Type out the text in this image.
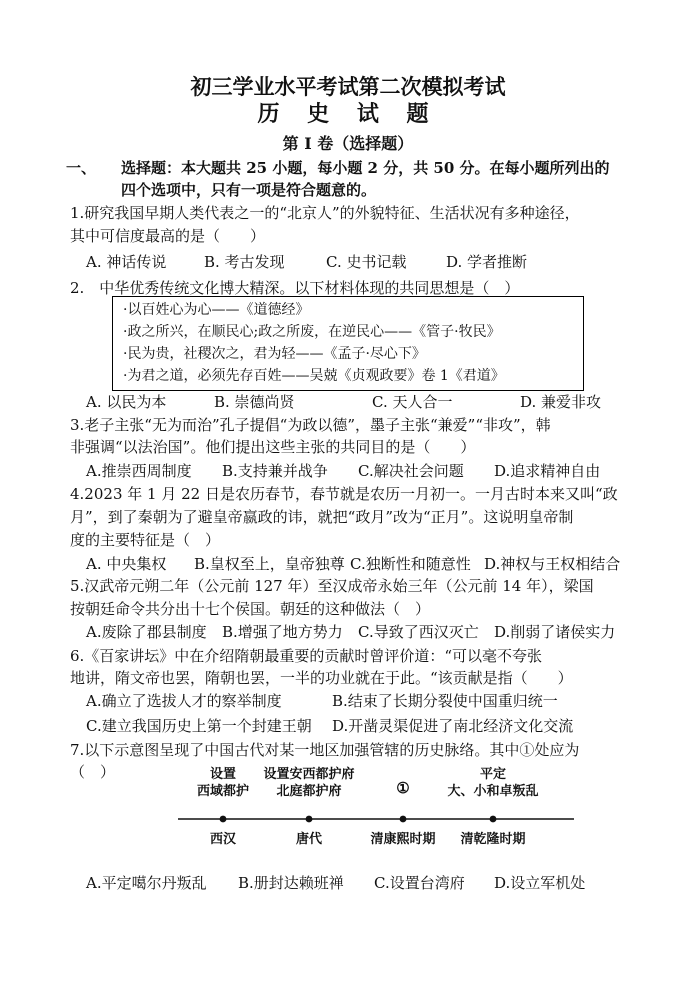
初三学业水平考试第二次模拟考试
历 史 试 题
第 I 卷（选择题）
一、 选择题：本大题共 25 小题，每小题 2 分，共 50 分。在每小题所列出的
四个选项中，只有一项是符合题意的。
1.研究我国早期人类代表之一的“北京人”的外貌特征、生活状况有多种途径，
其中可信度最高的是（　　）
A. 神话传说	B. 考古发现	C. 史书记载	D. 学者推断
2.　中华优秀传统文化博大精深。以下材料体现的共同思想是（　）
·以百姓心为心——《道德经》
·政之所兴，在顺民心;政之所废，在逆民心——《管子·牧民》
·民为贵，社稷次之，君为轻——《孟子·尽心下》
·为君之道，必须先存百姓——吴兢《贞观政要》卷 1《君道》
A. 以民为本	B. 崇德尚贤	C. 天人合一	D. 兼爱非攻
3.老子主张“无为而治”孔子提倡“为政以德”，墨子主张“兼爱”“非攻”，韩
非强调“以法治国”。他们提出这些主张的共同目的是（　　）
A.推崇西周制度 B.支持兼并战争 C.解决社会问题 D.追求精神自由
4.2023 年 1 月 22 日是农历春节，春节就是农历一月初一。一月古时本来又叫“政
月”，到了秦朝为了避皇帝嬴政的讳，就把“政月”改为“正月”。这说明皇帝制
度的主要特征是（　）
A. 中央集权 B.皇权至上，皇帝独尊 C.独断性和随意性 D.神权与王权相结合
5.汉武帝元朔二年（公元前 127 年）至汉成帝永始三年（公元前 14 年），梁国
按朝廷命令共分出十七个侯国。朝廷的这种做法（　）
A.废除了郡县制度 B.增强了地方势力 C.导致了西汉灭亡 D.削弱了诸侯实力
6.《百家讲坛》中在介绍隋朝最重要的贡献时曾评价道：“可以毫不夸张
地讲，隋文帝也罢，隋朝也罢，一半的功业就在于此。“该贡献是指（　　）
A.确立了选拔人才的察举制度	B.结束了长期分裂使中国重归统一
C.建立我国历史上第一个封建王朝 D.开凿灵渠促进了南北经济文化交流
7.以下示意图呈现了中国古代对某一地区加强管辖的历史脉络。其中①处应为
（　）	设置
西域都护
设置安西都护府
北庭都护府	①
平定
大、小和卓叛乱
西汉	唐代	清康熙时期 清乾隆时期
A.平定噶尔丹叛乱 B.册封达赖班禅 C.设置台湾府 D.设立军机处
